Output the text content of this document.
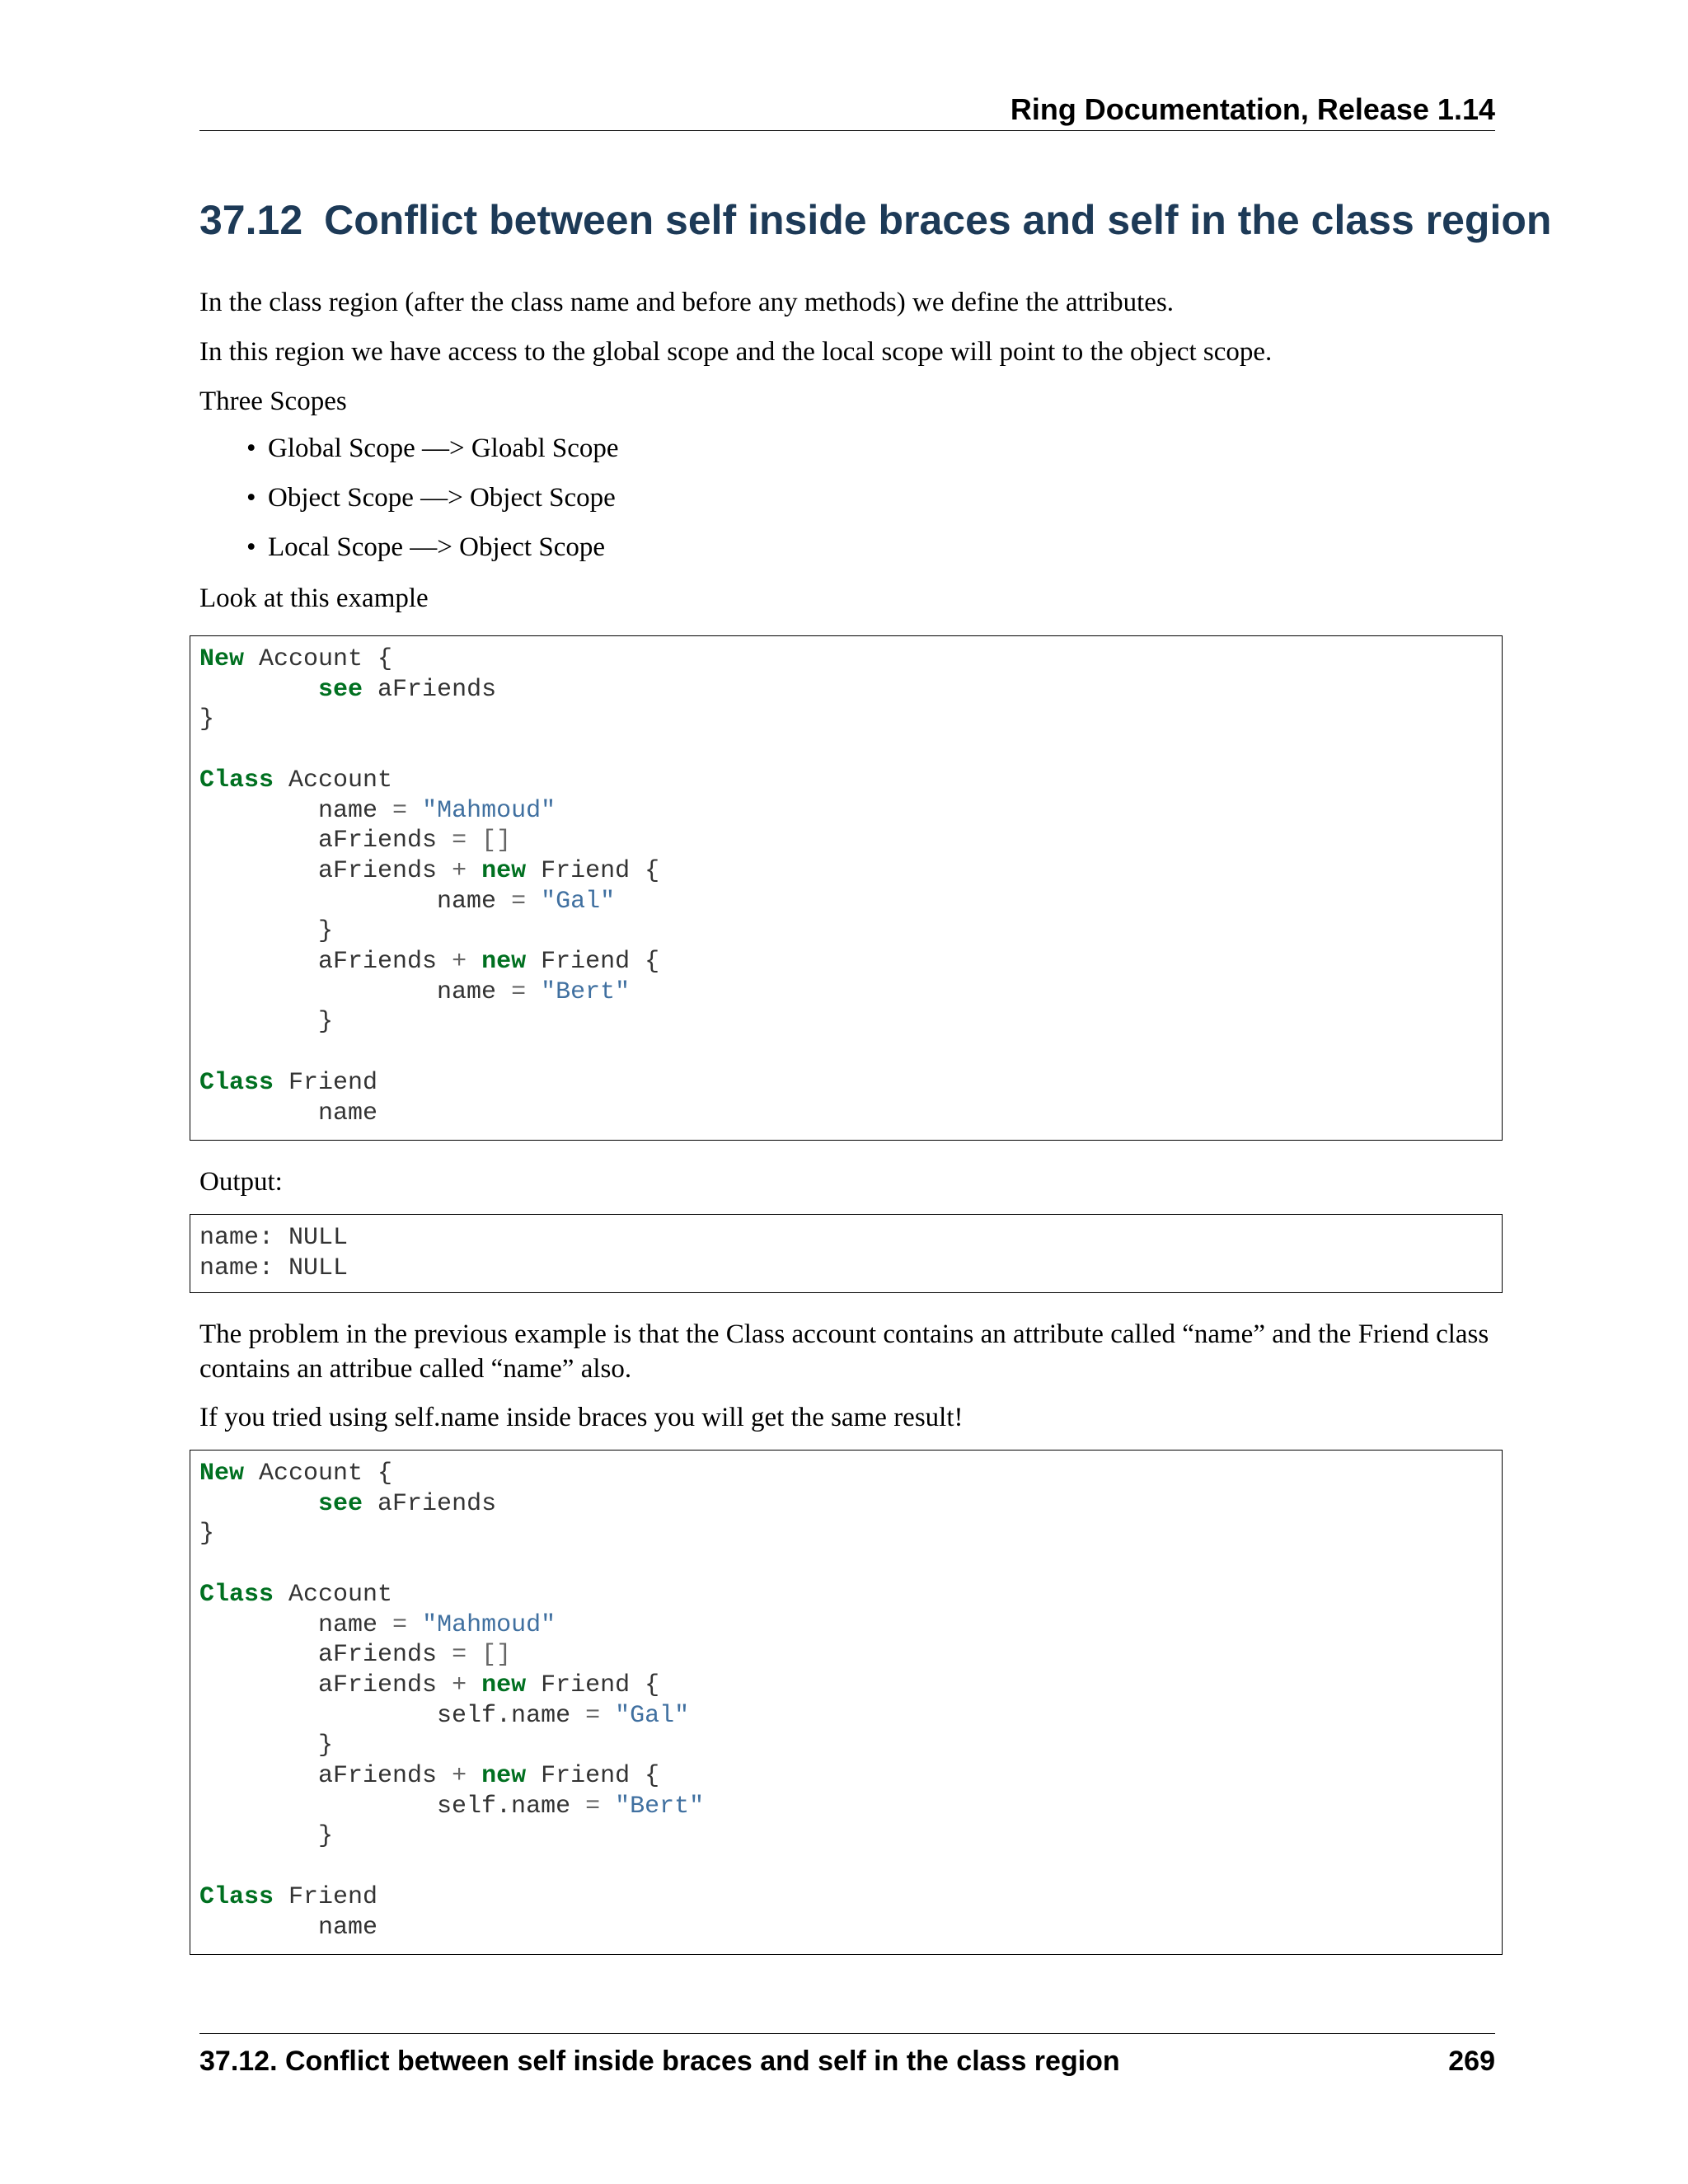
Ring Documentation, Release 1.14
37.12 Conflict between self inside braces and self in the class region

In the class region (after the class name and before any methods) we define the attributes.

In this region we have access to the global scope and the local scope will point to the object scope.

Three Scopes

• Global Scope —> Gloabl Scope
• Object Scope —> Object Scope
• Local Scope —> Object Scope

Look at this example

New Account {
see aFriends
}

Class Account
name = "Mahmoud"
aFriends = []
aFriends + new Friend {
name = "Gal"
}
aFriends + new Friend {
name = "Bert"
}

Class Friend
name

Output:

name: NULL
name: NULL

The problem in the previous example is that the Class account contains an attribute called “name” and the Friend class contains an attribue called “name” also.

If you tried using self.name inside braces you will get the same result!

New Account {
see aFriends
}

Class Account
name = "Mahmoud"
aFriends = []
aFriends + new Friend {
self.name = "Gal"
}
aFriends + new Friend {
self.name = "Bert"
}

Class Friend
name
37.12. Conflict between self inside braces and self in the class region	269
